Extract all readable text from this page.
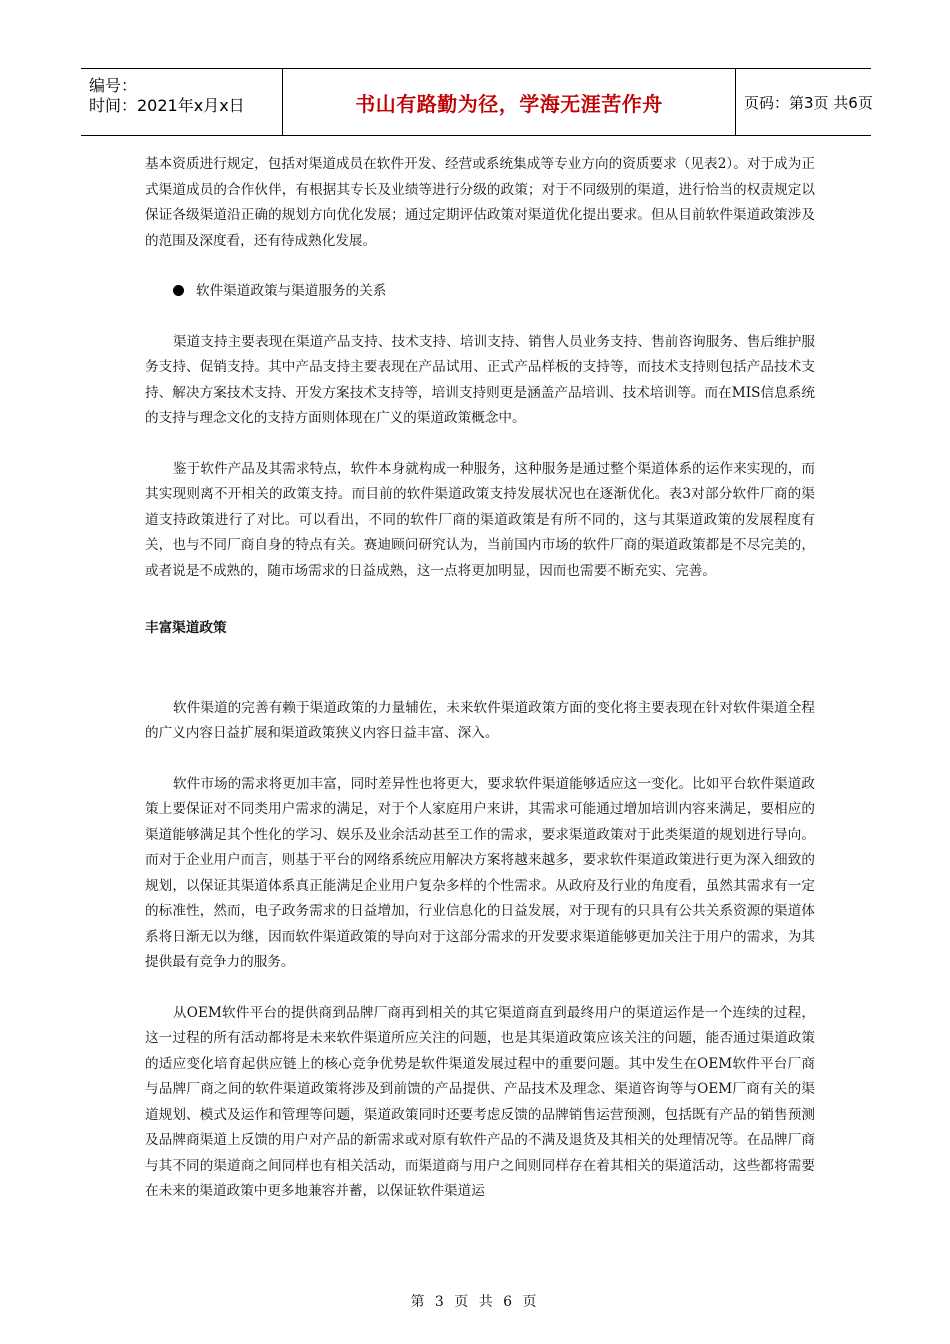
编号：
时间：2021年x月x日	书山有路勤为径，学海无涯苦作舟	页码：第3页 共6页

基本资质进行规定，包括对渠道成员在软件开发、经营或系统集成等专业方向的资质要求（见表2）。对于成为正式渠道成员的合作伙伴，有根据其专长及业绩等进行分级的政策；对于不同级别的渠道，进行恰当的权责规定以保证各级渠道沿正确的规划方向优化发展；通过定期评估政策对渠道优化提出要求。但从目前软件渠道政策涉及的范围及深度看，还有待成熟化发展。

软件渠道政策与渠道服务的关系

渠道支持主要表现在渠道产品支持、技术支持、培训支持、销售人员业务支持、售前咨询服务、售后维护服务支持、促销支持。其中产品支持主要表现在产品试用、正式产品样板的支持等，而技术支持则包括产品技术支持、解决方案技术支持、开发方案技术支持等，培训支持则更是涵盖产品培训、技术培训等。而在MIS信息系统的支持与理念文化的支持方面则体现在广义的渠道政策概念中。

鉴于软件产品及其需求特点，软件本身就构成一种服务，这种服务是通过整个渠道体系的运作来实现的，而其实现则离不开相关的政策支持。而目前的软件渠道政策支持发展状况也在逐渐优化。表3对部分软件厂商的渠道支持政策进行了对比。可以看出，不同的软件厂商的渠道政策是有所不同的，这与其渠道政策的发展程度有关，也与不同厂商自身的特点有关。赛迪顾问研究认为，当前国内市场的软件厂商的渠道政策都是不尽完美的，或者说是不成熟的，随市场需求的日益成熟，这一点将更加明显，因而也需要不断充实、完善。

丰富渠道政策

软件渠道的完善有赖于渠道政策的力量辅佐，未来软件渠道政策方面的变化将主要表现在针对软件渠道全程的广义内容日益扩展和渠道政策狭义内容日益丰富、深入。

软件市场的需求将更加丰富，同时差异性也将更大，要求软件渠道能够适应这一变化。比如平台软件渠道政策上要保证对不同类用户需求的满足，对于个人家庭用户来讲，其需求可能通过增加培训内容来满足，要相应的渠道能够满足其个性化的学习、娱乐及业余活动甚至工作的需求，要求渠道政策对于此类渠道的规划进行导向。而对于企业用户而言，则基于平台的网络系统应用解决方案将越来越多，要求软件渠道政策进行更为深入细致的规划，以保证其渠道体系真正能满足企业用户复杂多样的个性需求。从政府及行业的角度看，虽然其需求有一定的标准性，然而，电子政务需求的日益增加，行业信息化的日益发展，对于现有的只具有公共关系资源的渠道体系将日渐无以为继，因而软件渠道政策的导向对于这部分需求的开发要求渠道能够更加关注于用户的需求，为其提供最有竞争力的服务。

从OEM软件平台的提供商到品牌厂商再到相关的其它渠道商直到最终用户的渠道运作是一个连续的过程，这一过程的所有活动都将是未来软件渠道所应关注的问题，也是其渠道政策应该关注的问题，能否通过渠道政策的适应变化培育起供应链上的核心竞争优势是软件渠道发展过程中的重要问题。其中发生在OEM软件平台厂商与品牌厂商之间的软件渠道政策将涉及到前馈的产品提供、产品技术及理念、渠道咨询等与OEM厂商有关的渠道规划、模式及运作和管理等问题，渠道政策同时还要考虑反馈的品牌销售运营预测，包括既有产品的销售预测及品牌商渠道上反馈的用户对产品的新需求或对原有软件产品的不满及退货及其相关的处理情况等。在品牌厂商与其不同的渠道商之间同样也有相关活动，而渠道商与用户之间则同样存在着其相关的渠道活动，这些都将需要在未来的渠道政策中更多地兼容并蓄，以保证软件渠道运

第 3 页 共 6 页
